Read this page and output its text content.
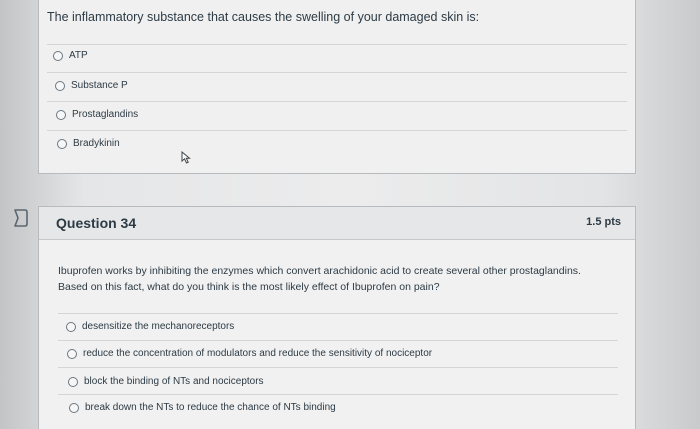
The inflammatory substance that causes the swelling of your damaged skin is:
ATP
Substance P
Prostaglandins
Bradykinin
Question 34	1.5 pts
Ibuprofen works by inhibiting the enzymes which convert arachidonic acid to create several other prostaglandins. Based on this fact, what do you think is the most likely effect of Ibuprofen on pain?
desensitize the mechanoreceptors
reduce the concentration of modulators and reduce the sensitivity of nociceptor
block the binding of NTs and nociceptors
break down the NTs to reduce the chance of NTs binding
